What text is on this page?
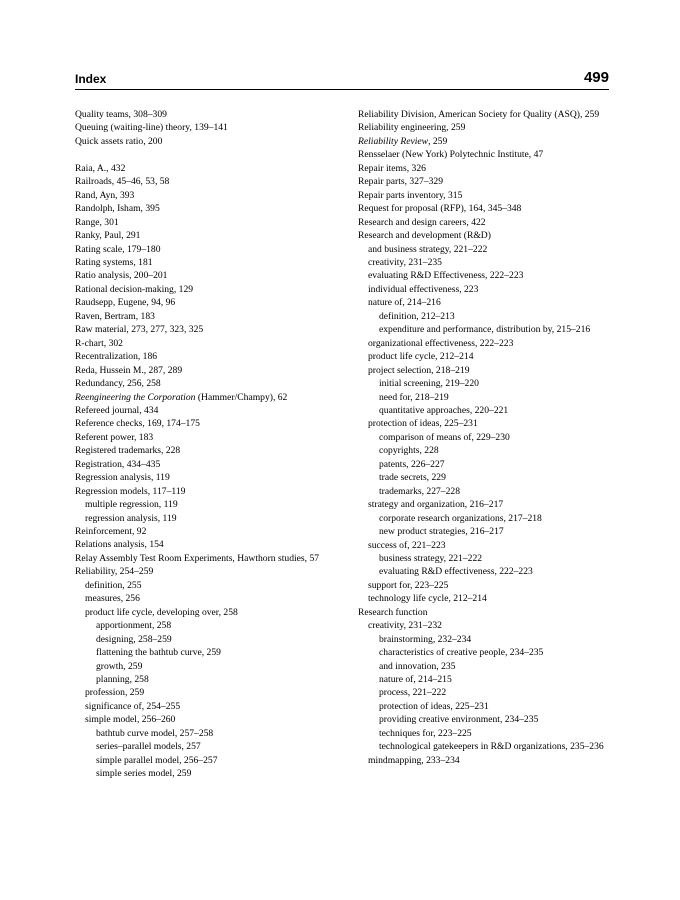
Index	499
Quality teams, 308–309
Queuing (waiting-line) theory, 139–141
Quick assets ratio, 200
Raia, A., 432
Railroads, 45–46, 53, 58
Rand, Ayn, 393
Randolph, Isham, 395
Range, 301
Ranky, Paul, 291
Rating scale, 179–180
Rating systems, 181
Ratio analysis, 200–201
Rational decision-making, 129
Raudsepp, Eugene, 94, 96
Raven, Bertram, 183
Raw material, 273, 277, 323, 325
R-chart, 302
Recentralization, 186
Reda, Hussein M., 287, 289
Redundancy, 256, 258
Reengineering the Corporation (Hammer/Champy), 62
Refereed journal, 434
Reference checks, 169, 174–175
Referent power, 183
Registered trademarks, 228
Registration, 434–435
Regression analysis, 119
Regression models, 117–119
multiple regression, 119
regression analysis, 119
Reinforcement, 92
Relations analysis, 154
Relay Assembly Test Room Experiments, Hawthorn studies, 57
Reliability, 254–259
definition, 255
measures, 256
product life cycle, developing over, 258
apportionment, 258
designing, 258–259
flattening the bathtub curve, 259
growth, 259
planning, 258
profession, 259
significance of, 254–255
simple model, 256–260
bathtub curve model, 257–258
series–parallel models, 257
simple parallel model, 256–257
simple series model, 259
Reliability Division, American Society for Quality (ASQ), 259
Reliability engineering, 259
Reliability Review, 259
Rensselaer (New York) Polytechnic Institute, 47
Repair items, 326
Repair parts, 327–329
Repair parts inventory, 315
Request for proposal (RFP), 164, 345–348
Research and design careers, 422
Research and development (R&D)
and business strategy, 221–222
creativity, 231–235
evaluating R&D Effectiveness, 222–223
individual effectiveness, 223
nature of, 214–216
definition, 212–213
expenditure and performance, distribution by, 215–216
organizational effectiveness, 222–223
product life cycle, 212–214
project selection, 218–219
initial screening, 219–220
need for, 218–219
quantitative approaches, 220–221
protection of ideas, 225–231
comparison of means of, 229–230
copyrights, 228
patents, 226–227
trade secrets, 229
trademarks, 227–228
strategy and organization, 216–217
corporate research organizations, 217–218
new product strategies, 216–217
success of, 221–223
business strategy, 221–222
evaluating R&D effectiveness, 222–223
support for, 223–225
technology life cycle, 212–214
Research function
creativity, 231–232
brainstorming, 232–234
characteristics of creative people, 234–235
and innovation, 235
nature of, 214–215
process, 221–222
protection of ideas, 225–231
providing creative environment, 234–235
techniques for, 223–225
technological gatekeepers in R&D organizations, 235–236
mindmapping, 233–234
